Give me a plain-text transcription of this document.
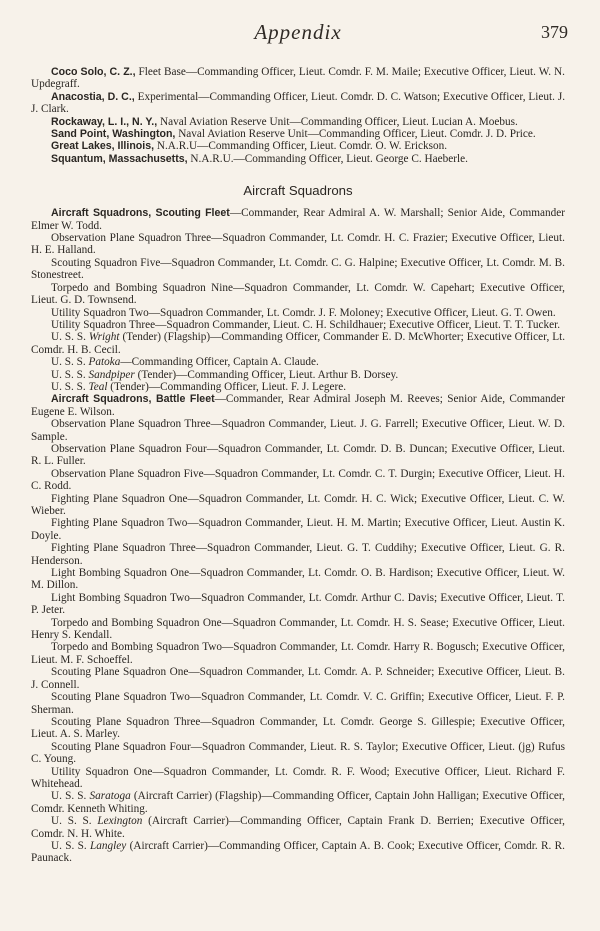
Appendix	379

Coco Solo, C. Z., Fleet Base—Commanding Officer, Lieut. Comdr. F. M. Maile; Executive Officer, Lieut. W. N. Updegraff.

Anacostia, D. C., Experimental—Commanding Officer, Lieut. Comdr. D. C. Watson; Executive Officer, Lieut. J. J. Clark.

Rockaway, L. I., N. Y., Naval Aviation Reserve Unit—Commanding Officer, Lieut. Lucian A. Moebus.

Sand Point, Washington, Naval Aviation Reserve Unit—Commanding Officer, Lieut. Comdr. J. D. Price.

Great Lakes, Illinois, N.A.R.U—Commanding Officer, Lieut. Comdr. O. W. Erickson.

Squantum, Massachusetts, N.A.R.U.—Commanding Officer, Lieut. George C. Haeberle.

Aircraft Squadrons

Aircraft Squadrons, Scouting Fleet—Commander, Rear Admiral A. W. Marshall; Senior Aide, Commander Elmer W. Todd.

Observation Plane Squadron Three—Squadron Commander, Lt. Comdr. H. C. Frazier; Executive Officer, Lieut. H. E. Halland.

Scouting Squadron Five—Squadron Commander, Lt. Comdr. C. G. Halpine; Executive Officer, Lt. Comdr. M. B. Stonestreet.

Torpedo and Bombing Squadron Nine—Squadron Commander, Lt. Comdr. W. Capehart; Executive Officer, Lieut. G. D. Townsend.

Utility Squadron Two—Squadron Commander, Lt. Comdr. J. F. Moloney; Executive Officer, Lieut. G. T. Owen.

Utility Squadron Three—Squadron Commander, Lieut. C. H. Schildhauer; Executive Officer, Lieut. T. T. Tucker.

U. S. S. Wright (Tender) (Flagship)—Commanding Officer, Commander E. D. McWhorter; Executive Officer, Lt. Comdr. H. B. Cecil.

U. S. S. Patoka—Commanding Officer, Captain A. Claude.

U. S. S. Sandpiper (Tender)—Commanding Officer, Lieut. Arthur B. Dorsey.

U. S. S. Teal (Tender)—Commanding Officer, Lieut. F. J. Legere.

Aircraft Squadrons, Battle Fleet—Commander, Rear Admiral Joseph M. Reeves; Senior Aide, Commander Eugene E. Wilson.

Observation Plane Squadron Three—Squadron Commander, Lieut. J. G. Farrell; Executive Officer, Lieut. W. D. Sample.

Observation Plane Squadron Four—Squadron Commander, Lt. Comdr. D. B. Duncan; Executive Officer, Lieut. R. L. Fuller.

Observation Plane Squadron Five—Squadron Commander, Lt. Comdr. C. T. Durgin; Executive Officer, Lieut. H. C. Rodd.

Fighting Plane Squadron One—Squadron Commander, Lt. Comdr. H. C. Wick; Executive Officer, Lieut. C. W. Wieber.

Fighting Plane Squadron Two—Squadron Commander, Lieut. H. M. Martin; Executive Officer, Lieut. Austin K. Doyle.

Fighting Plane Squadron Three—Squadron Commander, Lieut. G. T. Cuddihy; Executive Officer, Lieut. G. R. Henderson.

Light Bombing Squadron One—Squadron Commander, Lt. Comdr. O. B. Hardison; Executive Officer, Lieut. W. M. Dillon.

Light Bombing Squadron Two—Squadron Commander, Lt. Comdr. Arthur C. Davis; Executive Officer, Lieut. T. P. Jeter.

Torpedo and Bombing Squadron One—Squadron Commander, Lt. Comdr. H. S. Sease; Executive Officer, Lieut. Henry S. Kendall.

Torpedo and Bombing Squadron Two—Squadron Commander, Lt. Comdr. Harry R. Bogusch; Executive Officer, Lieut. M. F. Schoeffel.

Scouting Plane Squadron One—Squadron Commander, Lt. Comdr. A. P. Schneider; Executive Officer, Lieut. B. J. Connell.

Scouting Plane Squadron Two—Squadron Commander, Lt. Comdr. V. C. Griffin; Executive Officer, Lieut. F. P. Sherman.

Scouting Plane Squadron Three—Squadron Commander, Lt. Comdr. George S. Gillespie; Executive Officer, Lieut. A. S. Marley.

Scouting Plane Squadron Four—Squadron Commander, Lieut. R. S. Taylor; Executive Officer, Lieut. (jg) Rufus C. Young.

Utility Squadron One—Squadron Commander, Lt. Comdr. R. F. Wood; Executive Officer, Lieut. Richard F. Whitehead.

U. S. S. Saratoga (Aircraft Carrier) (Flagship)—Commanding Officer, Captain John Halligan; Executive Officer, Comdr. Kenneth Whiting.

U. S. S. Lexington (Aircraft Carrier)—Commanding Officer, Captain Frank D. Berrien; Executive Officer, Comdr. N. H. White.

U. S. S. Langley (Aircraft Carrier)—Commanding Officer, Captain A. B. Cook; Executive Officer, Comdr. R. R. Paunack.
